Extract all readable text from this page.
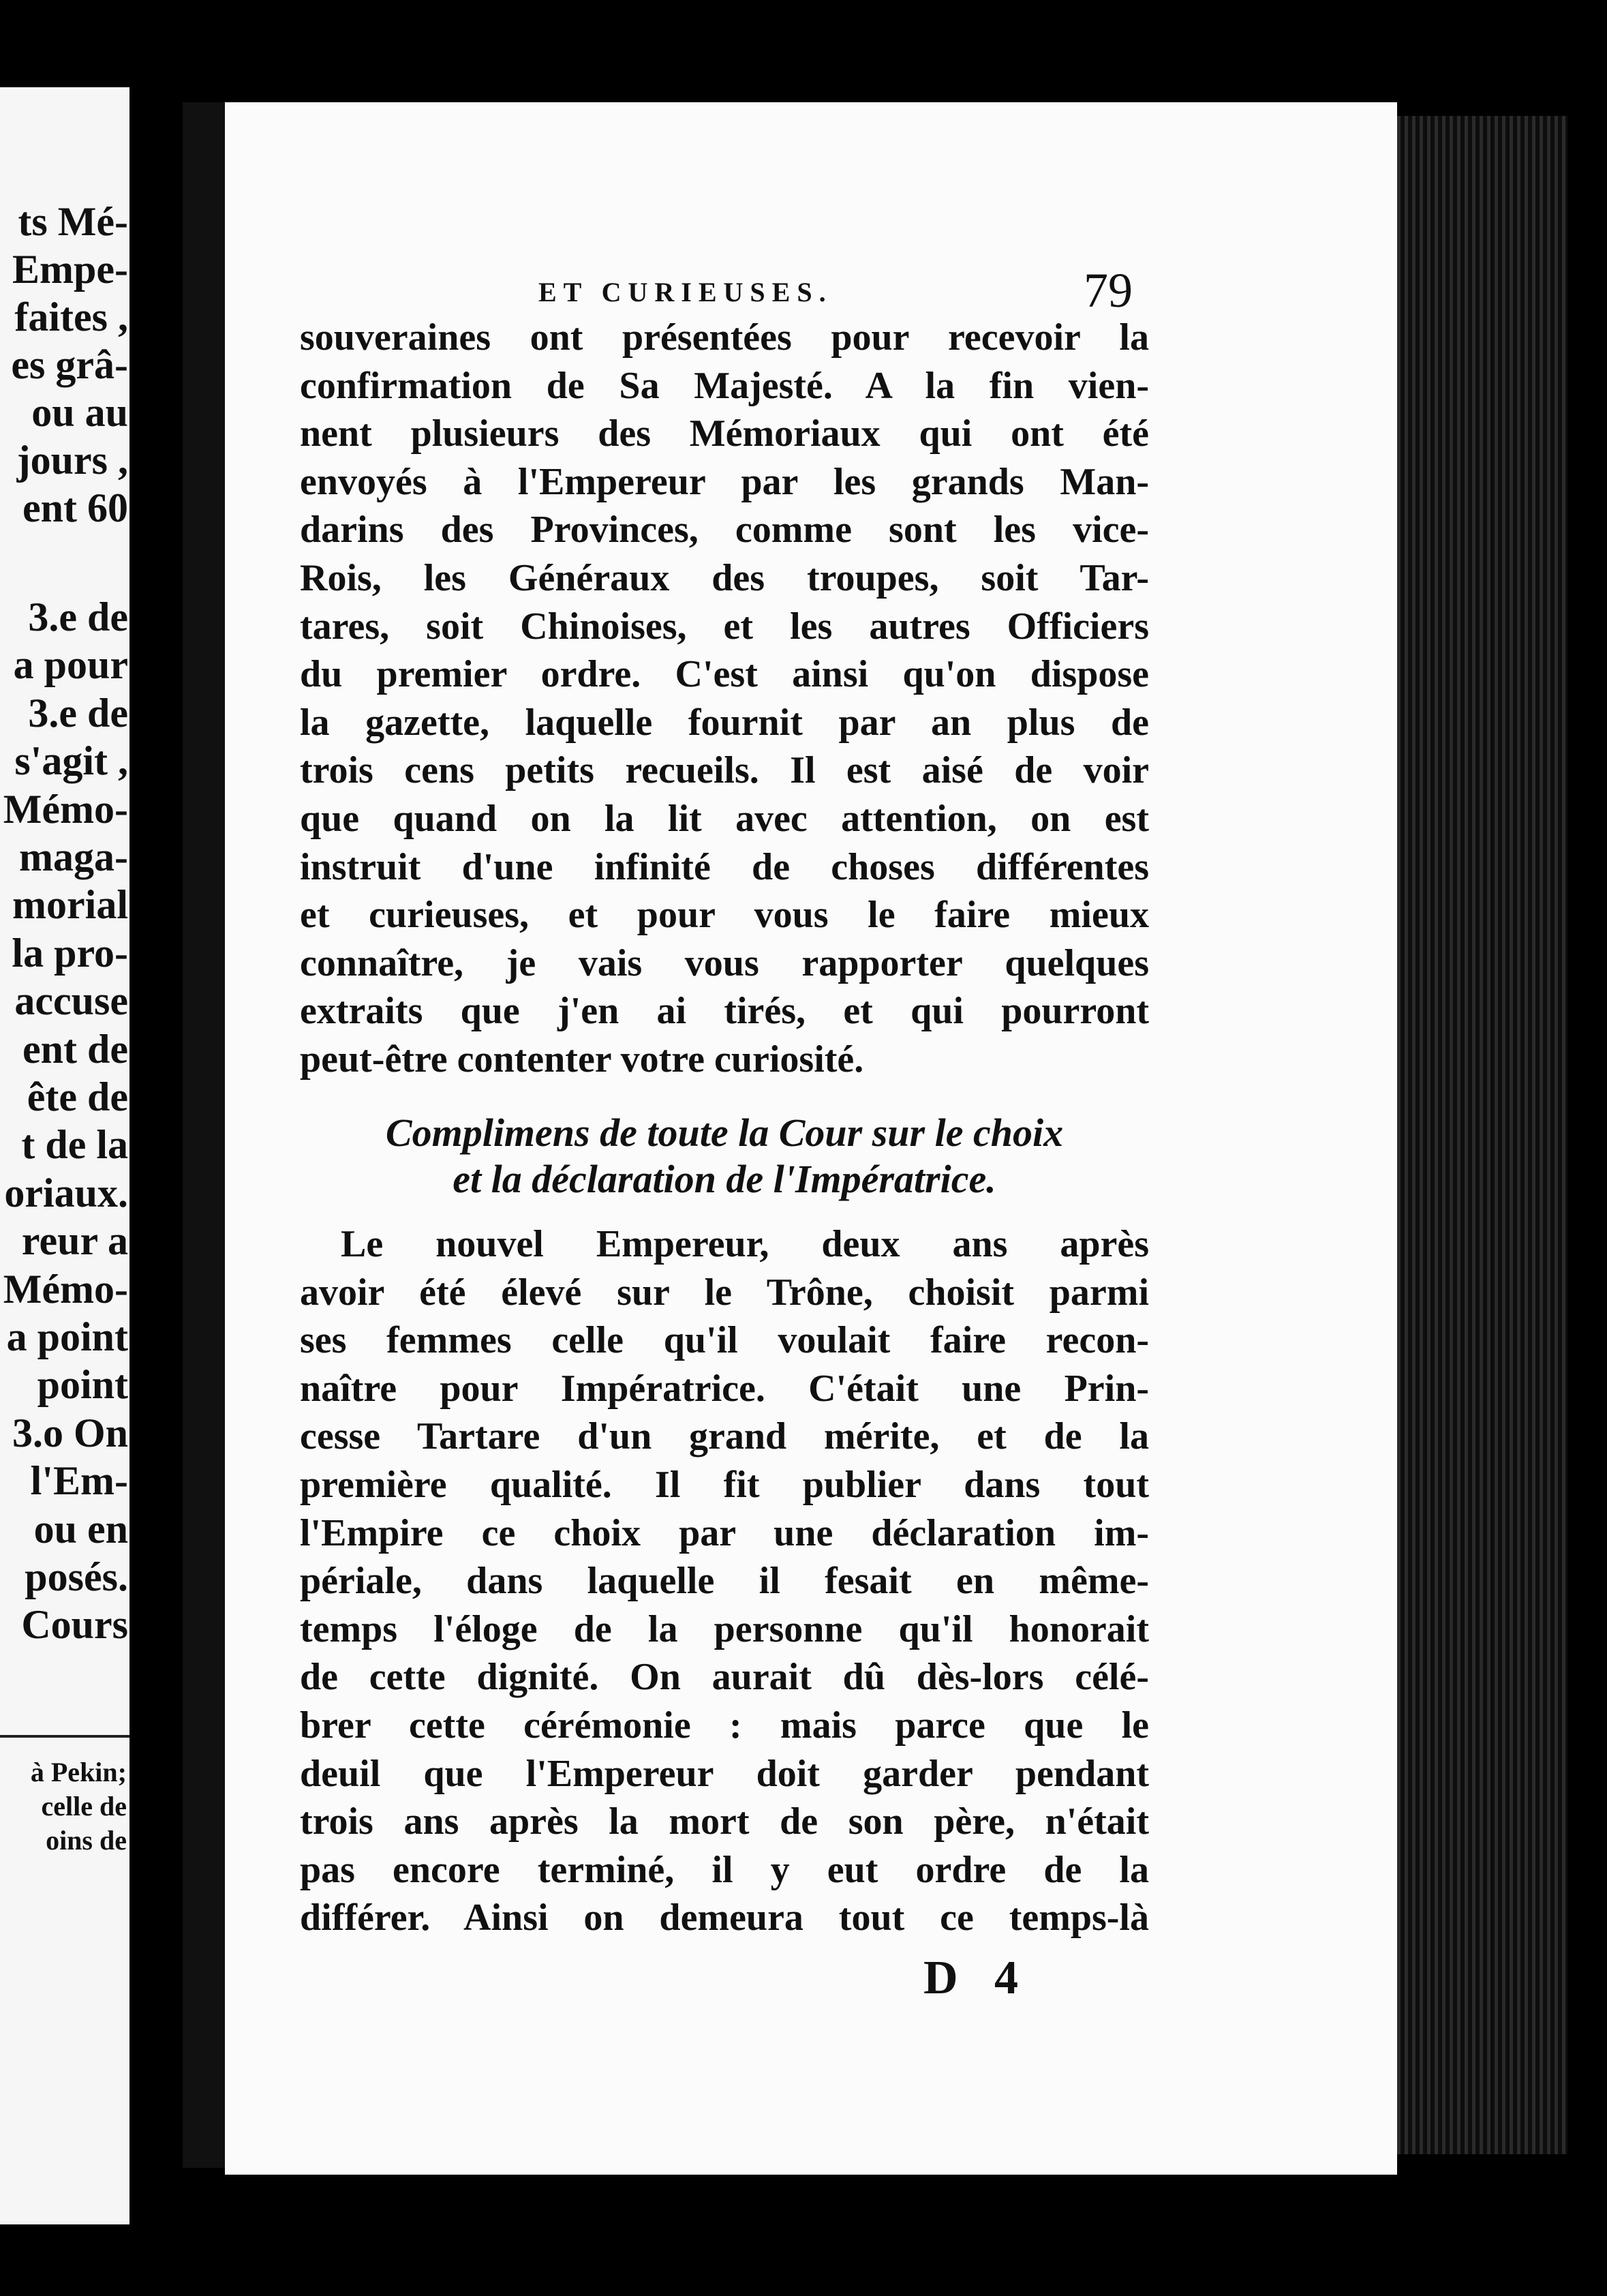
ts Mé-
Empe-
faites ,
es grâ-
ou au
jours ,
ent 60
3.e de
a pour
3.e de
s'agit ,
Mémo-
maga-
morial
la pro-
accuse
ent de
ête de
t de la
oriaux.
reur a
Mémo-
a point
point
3.o On
l'Em-
ou en
posés.
Cours
à Pekin;
celle de
oins de
ET CURIEUSES.	79
souveraines ont présentées pour recevoir la
confirmation de Sa Majesté. A la fin vien-
nent plusieurs des Mémoriaux qui ont été
envoyés à l'Empereur par les grands Man-
darins des Provinces, comme sont les vice-
Rois, les Généraux des troupes, soit Tar-
tares, soit Chinoises, et les autres Officiers
du premier ordre. C'est ainsi qu'on dispose
la gazette, laquelle fournit par an plus de
trois cens petits recueils. Il est aisé de voir
que quand on la lit avec attention, on est
instruit d'une infinité de choses différentes
et curieuses, et pour vous le faire mieux
connaître, je vais vous rapporter quelques
extraits que j'en ai tirés, et qui pourront
peut-être contenter votre curiosité.
Complimens de toute la Cour sur le choix
et la déclaration de l'Impératrice.
Le nouvel Empereur, deux ans après
avoir été élevé sur le Trône, choisit parmi
ses femmes celle qu'il voulait faire recon-
naître pour Impératrice. C'était une Prin-
cesse Tartare d'un grand mérite, et de la
première qualité. Il fit publier dans tout
l'Empire ce choix par une déclaration im-
périale, dans laquelle il fesait en même-
temps l'éloge de la personne qu'il honorait
de cette dignité. On aurait dû dès-lors célé-
brer cette cérémonie : mais parce que le
deuil que l'Empereur doit garder pendant
trois ans après la mort de son père, n'était
pas encore terminé, il y eut ordre de la
différer. Ainsi on demeura tout ce temps-là
D 4
